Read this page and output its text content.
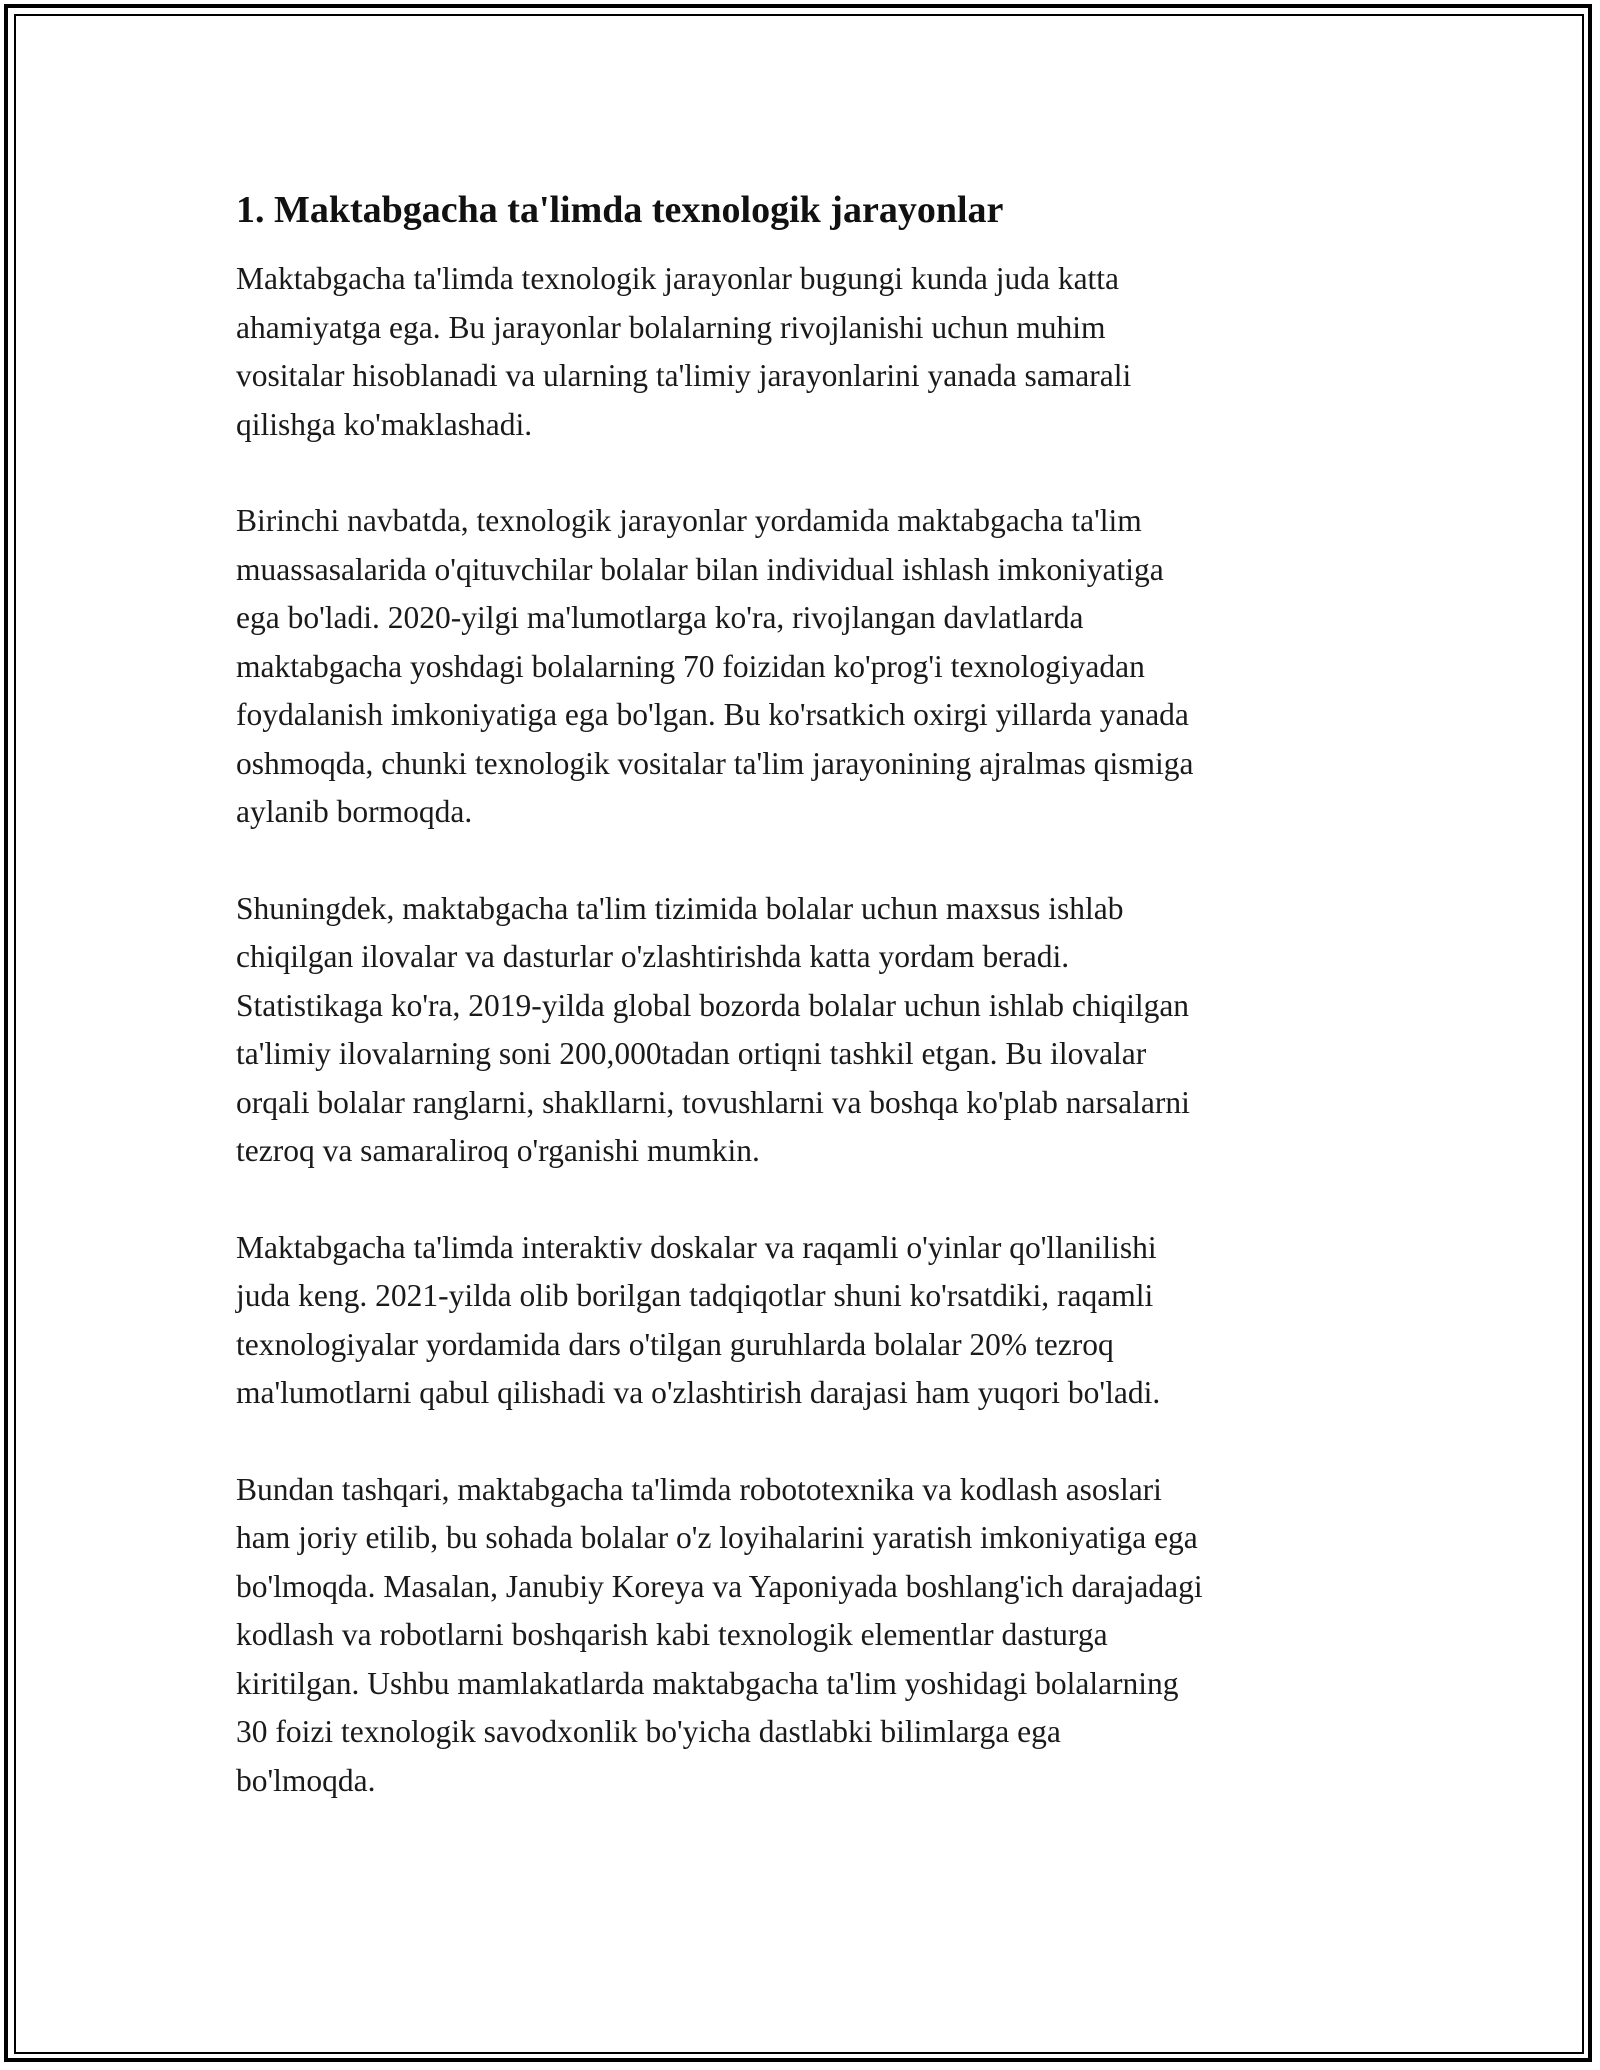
1. Maktabgacha ta'limda texnologik jarayonlar

Maktabgacha ta'limda texnologik jarayonlar bugungi kunda juda katta
ahamiyatga ega. Bu jarayonlar bolalarning rivojlanishi uchun muhim
vositalar hisoblanadi va ularning ta'limiy jarayonlarini yanada samarali
qilishga ko'maklashadi.

Birinchi navbatda, texnologik jarayonlar yordamida maktabgacha ta'lim
muassasalarida o'qituvchilar bolalar bilan individual ishlash imkoniyatiga
ega bo'ladi. 2020-yilgi ma'lumotlarga ko'ra, rivojlangan davlatlarda
maktabgacha yoshdagi bolalarning 70 foizidan ko'prog'i texnologiyadan
foydalanish imkoniyatiga ega bo'lgan. Bu ko'rsatkich oxirgi yillarda yanada
oshmoqda, chunki texnologik vositalar ta'lim jarayonining ajralmas qismiga
aylanib bormoqda.

Shuningdek, maktabgacha ta'lim tizimida bolalar uchun maxsus ishlab
chiqilgan ilovalar va dasturlar o'zlashtirishda katta yordam beradi.
Statistikaga ko'ra, 2019-yilda global bozorda bolalar uchun ishlab chiqilgan
ta'limiy ilovalarning soni 200,000tadan ortiqni tashkil etgan. Bu ilovalar
orqali bolalar ranglarni, shakllarni, tovushlarni va boshqa ko'plab narsalarni
tezroq va samaraliroq o'rganishi mumkin.

Maktabgacha ta'limda interaktiv doskalar va raqamli o'yinlar qo'llanilishi
juda keng. 2021-yilda olib borilgan tadqiqotlar shuni ko'rsatdiki, raqamli
texnologiyalar yordamida dars o'tilgan guruhlarda bolalar 20% tezroq
ma'lumotlarni qabul qilishadi va o'zlashtirish darajasi ham yuqori bo'ladi.

Bundan tashqari, maktabgacha ta'limda robototexnika va kodlash asoslari
ham joriy etilib, bu sohada bolalar o'z loyihalarini yaratish imkoniyatiga ega
bo'lmoqda. Masalan, Janubiy Koreya va Yaponiyada boshlang'ich darajadagi
kodlash va robotlarni boshqarish kabi texnologik elementlar dasturga
kiritilgan. Ushbu mamlakatlarda maktabgacha ta'lim yoshidagi bolalarning
30 foizi texnologik savodxonlik bo'yicha dastlabki bilimlarga ega
bo'lmoqda.
